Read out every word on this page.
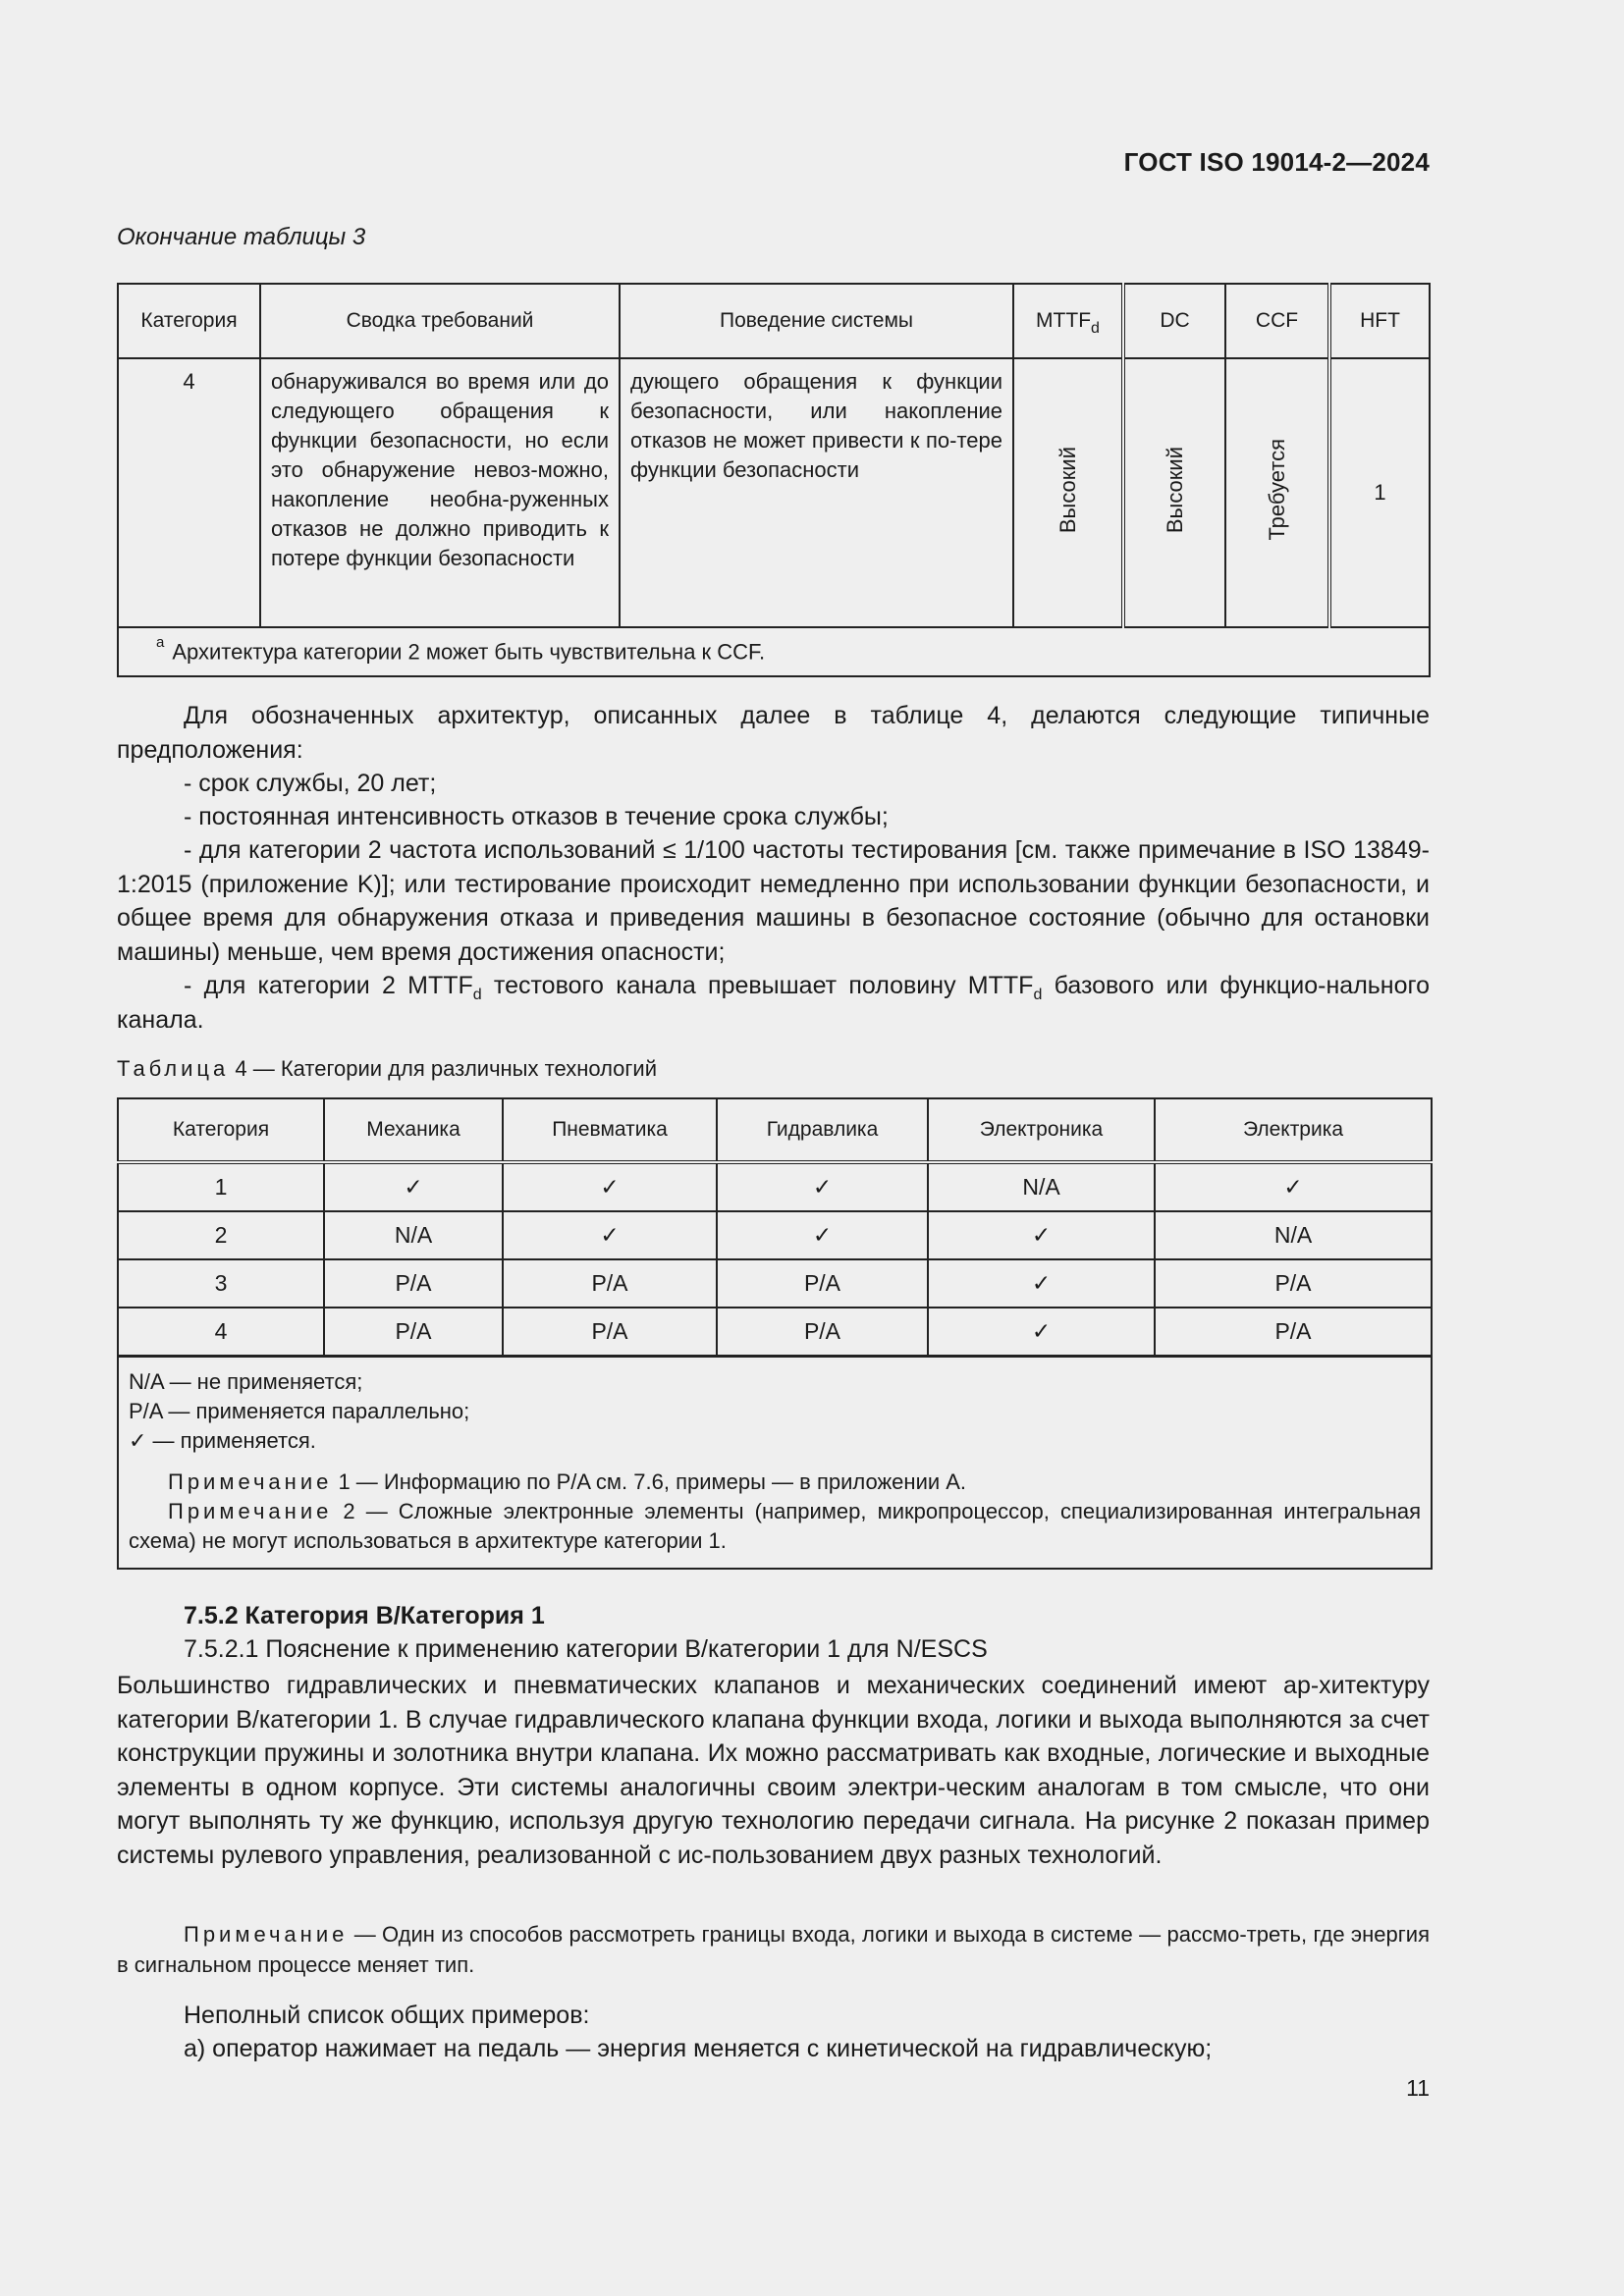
ГОСТ ISO 19014-2—2024
Окончание таблицы 3
Категория	Сводка требований	Поведение системы	$MTTF_d$	DC	CCF	HFT
4	обнаруживался во время или до следующего обращения к функции безопасности, но если это обнаружение невоз-можно, накопление необна-руженных отказов не должно приводить к потере функции безопасности	дующего обращения к функции безопасности, или накопление отказов не может привести к по-тере функции безопасности	Высокий	Высокий	Требуется	1
$^a$ Архитектура категории 2 может быть чувствительна к CCF.						
Для обозначенных архитектур, описанных далее в таблице 4, делаются следующие типичные предположения:
- срок службы, 20 лет;
- постоянная интенсивность отказов в течение срока службы;
- для категории 2 частота использований ≤ 1/100 частоты тестирования [см. также примечание в ISO 13849-1:2015 (приложение K)]; или тестирование происходит немедленно при использовании функции безопасности, и общее время для обнаружения отказа и приведения машины в безопасное состояние (обычно для остановки машины) меньше, чем время достижения опасности;
- для категории 2 $MTTF_d$ тестового канала превышает половину $MTTF_d$ базового или функцио-нального канала.
Таблица 4 — Категории для различных технологий
Категория	Механика	Пневматика	Гидравлика	Электроника	Электрика
1	✓	✓	✓	N/A	✓
2	N/A	✓	✓	✓	N/A
3	P/A	P/A	P/A	✓	P/A
4	P/A	P/A	P/A	✓	P/A

N/A — не применяется;
P/A — применяется параллельно;
✓ — применяется.
Примечание 1 — Информацию по P/A см. 7.6, примеры — в приложении A.
Примечание 2 — Сложные электронные элементы (например, микропроцессор, специализированная интегральная схема) не могут использоваться в архитектуре категории 1.					
7.5.2 Категория B/Категория 1
7.5.2.1 Пояснение к применению категории B/категории 1 для N/ESCS
Большинство гидравлических и пневматических клапанов и механических соединений имеют ар-хитектуру категории B/категории 1. В случае гидравлического клапана функции входа, логики и выхода выполняются за счет конструкции пружины и золотника внутри клапана. Их можно рассматривать как входные, логические и выходные элементы в одном корпусе. Эти системы аналогичны своим электри-ческим аналогам в том смысле, что они могут выполнять ту же функцию, используя другую технологию передачи сигнала. На рисунке 2 показан пример системы рулевого управления, реализованной с ис-пользованием двух разных технологий.
Примечание — Один из способов рассмотреть границы входа, логики и выхода в системе — рассмо-треть, где энергия в сигнальном процессе меняет тип.
Неполный список общих примеров:
а) оператор нажимает на педаль — энергия меняется с кинетической на гидравлическую;
11
